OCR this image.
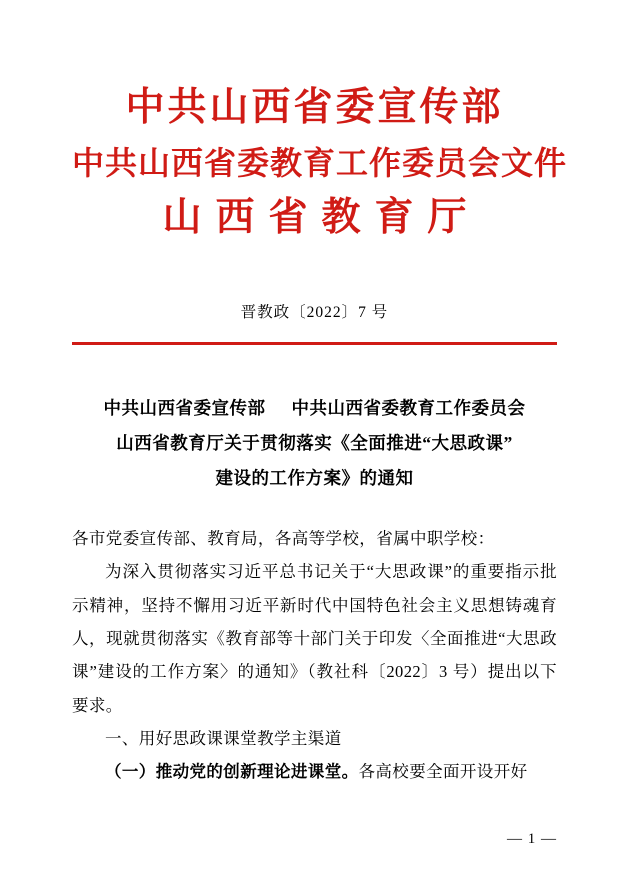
中共山西省委宣传部
中共山西省委教育工作委员会文件
山西省教育厅
晋教政〔2022〕7 号
中共山西省委宣传部 中共山西省委教育工作委员会
山西省教育厅关于贯彻落实《全面推进“大思政课”
建设的工作方案》的通知

各市党委宣传部、教育局，各高等学校，省属中职学校：

为深入贯彻落实习近平总书记关于“大思政课”的重要指示批示精神，坚持不懈用习近平新时代中国特色社会主义思想铸魂育人，现就贯彻落实《教育部等十部门关于印发〈全面推进“大思政课”建设的工作方案〉的通知》（教社科〔2022〕3 号）提出以下要求。

一、用好思政课课堂教学主渠道

（一）推动党的创新理论进课堂。各高校要全面开设开好

— 1 —
